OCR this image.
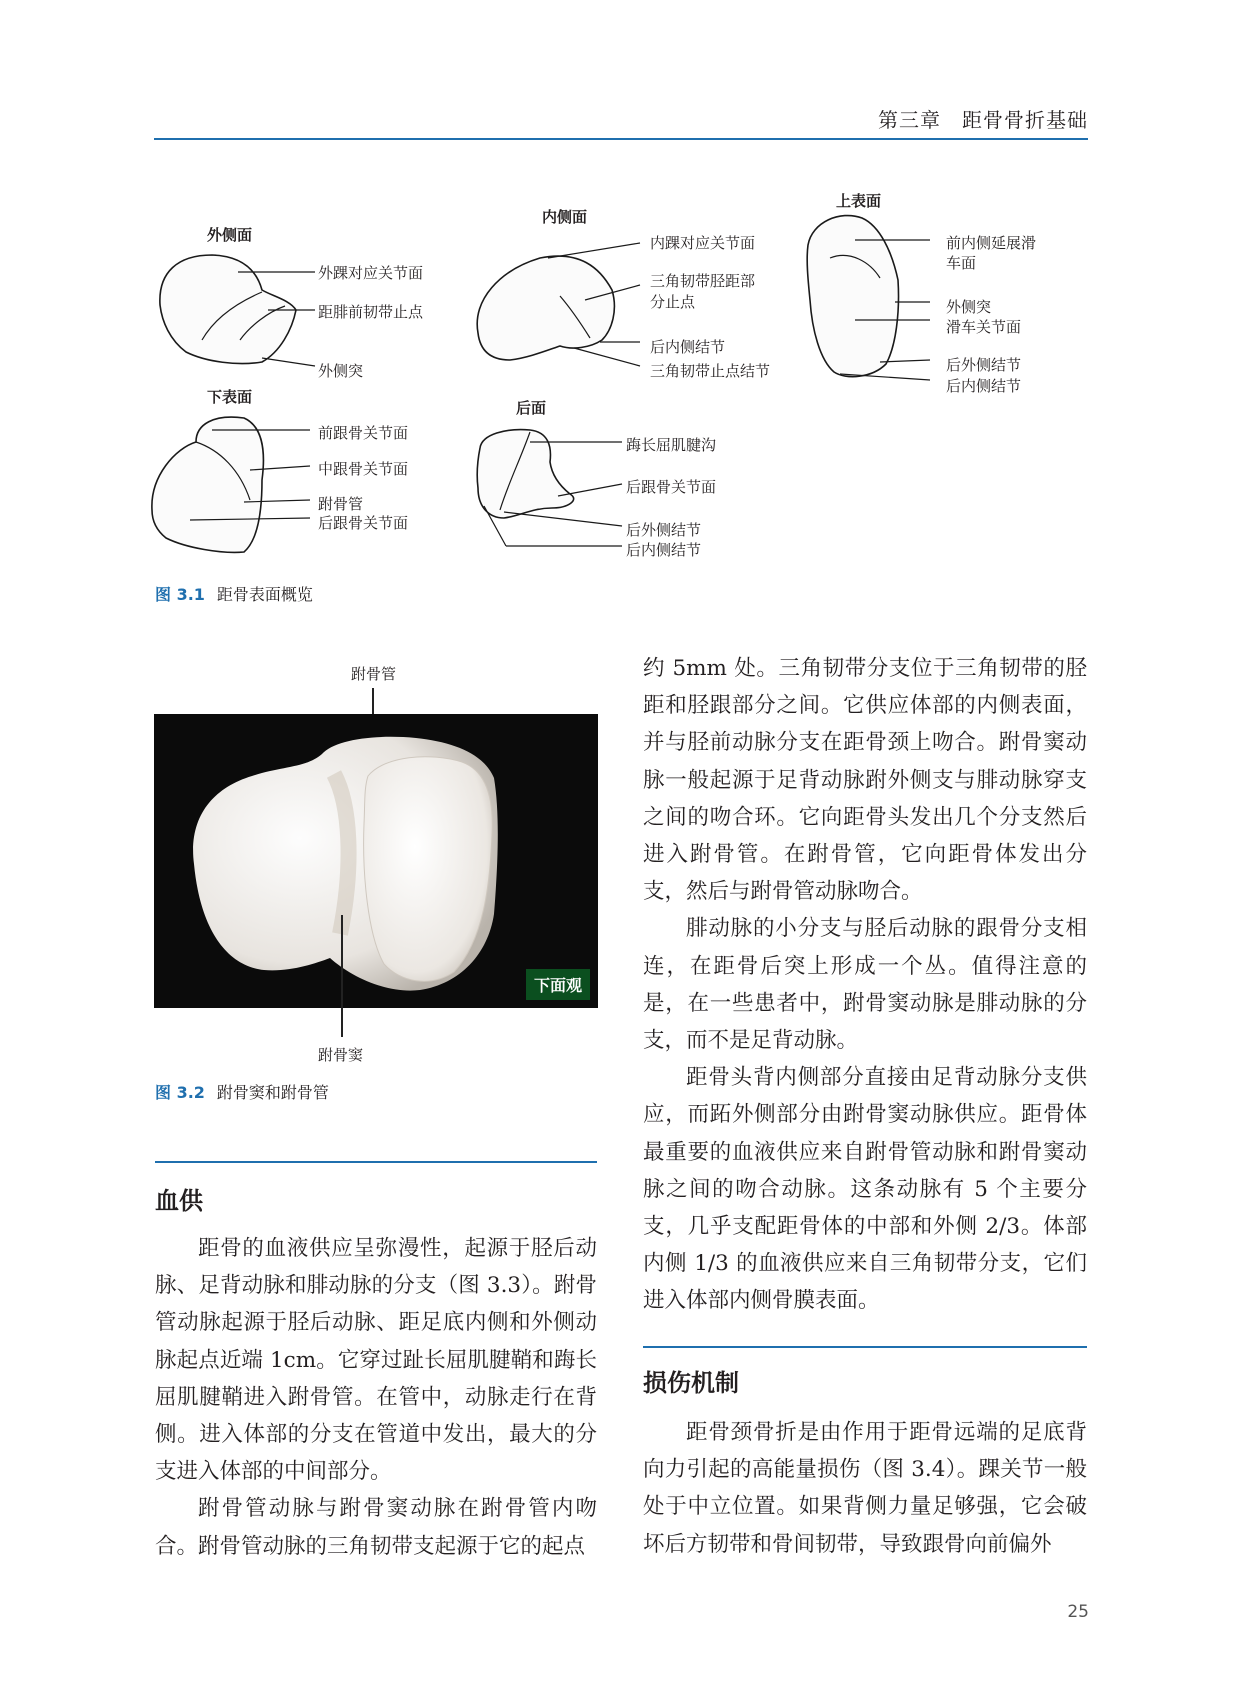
第三章　距骨骨折基础
外侧面
内侧面
上表面
下表面
后面
外踝对应关节面
距腓前韧带止点
外侧突
内踝对应关节面
三角韧带胫距部
分止点
后内侧结节
三角韧带止点结节
前内侧延展滑
车面
外侧突
滑车关节面
后外侧结节
后内侧结节
前跟骨关节面
中跟骨关节面
跗骨管
后跟骨关节面
踇长屈肌腱沟
后跟骨关节面
后外侧结节
后内侧结节
图 3.1 距骨表面概览
跗骨管
下面观
跗骨窦
图 3.2 跗骨窦和跗骨管
血供

距骨的血液供应呈弥漫性，起源于胫后动脉、足背动脉和腓动脉的分支（图 3.3）。跗骨管动脉起源于胫后动脉、距足底内侧和外侧动脉起点近端 1cm。它穿过趾长屈肌腱鞘和踇长屈肌腱鞘进入跗骨管。在管中，动脉走行在背侧。进入体部的分支在管道中发出，最大的分支进入体部的中间部分。

跗骨管动脉与跗骨窦动脉在跗骨管内吻合。跗骨管动脉的三角韧带支起源于它的起点

约 5mm 处。三角韧带分支位于三角韧带的胫距和胫跟部分之间。它供应体部的内侧表面，并与胫前动脉分支在距骨颈上吻合。跗骨窦动脉一般起源于足背动脉跗外侧支与腓动脉穿支之间的吻合环。它向距骨头发出几个分支然后进入跗骨管。在跗骨管，它向距骨体发出分支，然后与跗骨管动脉吻合。

腓动脉的小分支与胫后动脉的跟骨分支相连，在距骨后突上形成一个丛。值得注意的是，在一些患者中，跗骨窦动脉是腓动脉的分支，而不是足背动脉。

距骨头背内侧部分直接由足背动脉分支供应，而跖外侧部分由跗骨窦动脉供应。距骨体最重要的血液供应来自跗骨管动脉和跗骨窦动脉之间的吻合动脉。这条动脉有 5 个主要分支，几乎支配距骨体的中部和外侧 2/3。体部内侧 1/3 的血液供应来自三角韧带分支，它们进入体部内侧骨膜表面。

损伤机制

距骨颈骨折是由作用于距骨远端的足底背向力引起的高能量损伤（图 3.4）。踝关节一般处于中立位置。如果背侧力量足够强，它会破坏后方韧带和骨间韧带，导致跟骨向前偏外

25
